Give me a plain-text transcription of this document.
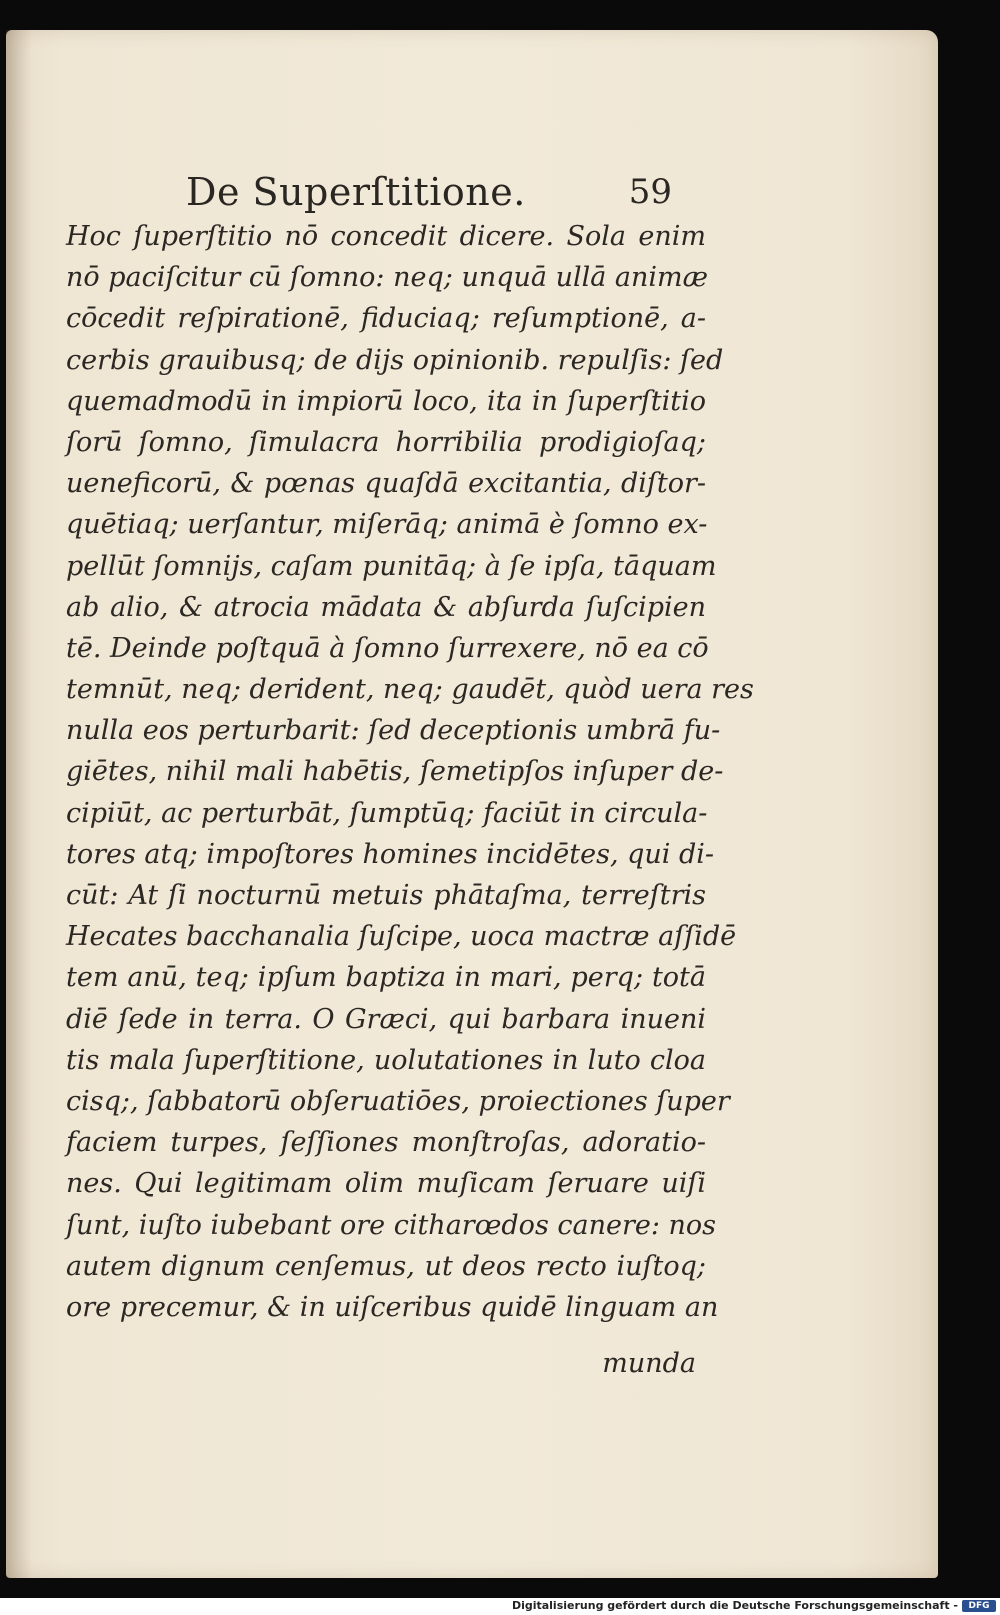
De Superſtitione.	59
Hoc ſuperſtitio nō concedit dicere. Sola enim
nō paciſcitur cū ſomno: neq; unquā ullā animæ
cōcedit reſpirationē, fiduciaq; reſumptionē, a-
cerbis grauibusq; de dijs opinionib. repulſis: ſed
quemadmodū in impiorū loco, ita in ſuperſtitio
ſorū ſomno, ſimulacra horribilia prodigioſaq;
ueneficorū, & pœnas quaſdā excitantia, diſtor-
quētiaq; uerſantur, miſerāq; animā è ſomno ex-
pellūt ſomnijs, caſam punitāq; à ſe ipſa, tāquam
ab alio, & atrocia mādata & abſurda ſuſcipien
tē. Deinde poſtquā à ſomno ſurrexere, nō ea cō
temnūt, neq; derident, neq; gaudēt, quòd uera res
nulla eos perturbarit: ſed deceptionis umbrā fu-
giētes, nihil mali habētis, ſemetipſos inſuper de-
cipiūt, ac perturbāt, ſumptūq; faciūt in circula-
tores atq; impoſtores homines incidētes, qui di-
cūt: At ſi nocturnū metuis phātaſma, terreſtris
Hecates bacchanalia ſuſcipe, uoca mactræ aſſidē
tem anū, teq; ipſum baptiza in mari, perq; totā
diē ſede in terra. O Græci, qui barbara inueni
tis mala ſuperſtitione, uolutationes in luto cloa
cisq;, ſabbatorū obſeruatiōes, proiectiones ſuper
faciem turpes, ſeſſiones monſtroſas, adoratio-
nes. Qui legitimam olim muſicam ſeruare uiſi
ſunt, iuſto iubebant ore citharœdos canere: nos
autem dignum cenſemus, ut deos recto iuſtoq;
ore precemur, & in uiſceribus quidē linguam an
munda
Digitalisierung gefördert durch die Deutsche Forschungsgemeinschaft -	DFG
